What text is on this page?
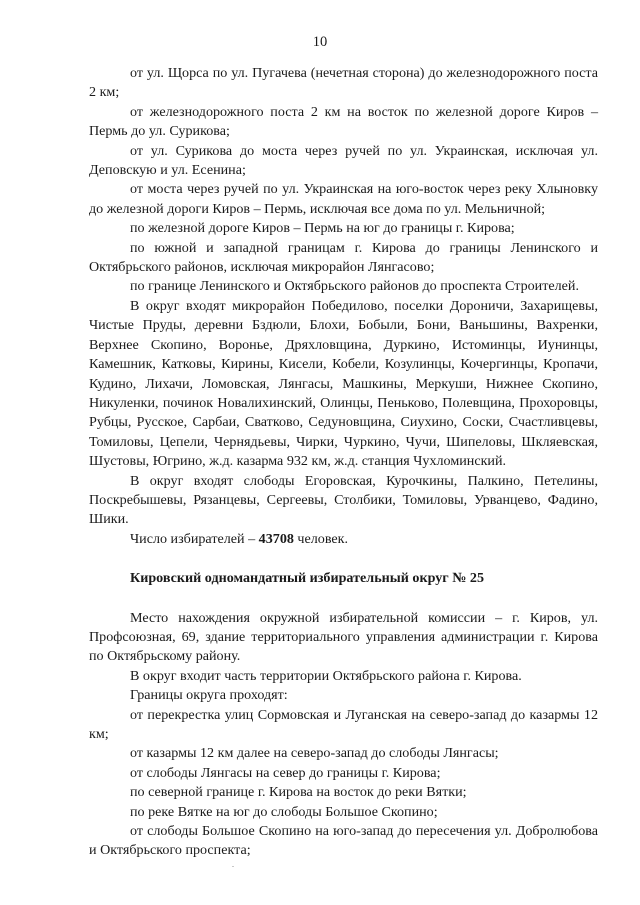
10

от ул. Щорса по ул. Пугачева (нечетная сторона) до железнодорожного поста 2 км;

от железнодорожного поста 2 км на восток по железной дороге Киров – Пермь до ул. Сурикова;

от ул. Сурикова до моста через ручей по ул. Украинская, исключая ул. Деповскую и ул. Есенина;

от моста через ручей по ул. Украинская на юго-восток через реку Хлыновку до железной дороги Киров – Пермь, исключая все дома по ул. Мельничной;

по железной дороге Киров – Пермь на юг до границы г. Кирова;

по южной и западной границам г. Кирова до границы Ленинского и Октябрьского районов, исключая микрорайон Лянгасово;

по границе Ленинского и Октябрьского районов до проспекта Строителей.

В округ входят микрорайон Победилово, поселки Дороничи, Захарищевы, Чистые Пруды, деревни Бздюли, Блохи, Бобыли, Бони, Ваньшины, Вахренки, Верхнее Скопино, Воронье, Дряхловщина, Дуркино, Истоминцы, Иунинцы, Камешник, Катковы, Кирины, Кисели, Кобели, Козулинцы, Кочергинцы, Кропачи, Кудино, Лихачи, Ломовская, Лянгасы, Машкины, Меркуши, Нижнее Скопино, Никуленки, починок Новалихинский, Олинцы, Пеньково, Полевщина, Прохоровцы, Рубцы, Русское, Сарбаи, Сватково, Седуновщина, Сиухино, Соски, Счастливцевы, Томиловы, Цепели, Чернядьевы, Чирки, Чуркино, Чучи, Шипеловы, Шкляевская, Шустовы, Югрино, ж.д. казарма 932 км, ж.д. станция Чухломинский.

В округ входят слободы Егоровская, Курочкины, Палкино, Петелины, Поскребышевы, Рязанцевы, Сергеевы, Столбики, Томиловы, Урванцево, Фадино, Шики.

Число избирателей – 43708 человек.

Кировский одномандатный избирательный округ № 25

Место нахождения окружной избирательной комиссии – г. Киров, ул. Профсоюзная, 69, здание территориального управления администрации г. Кирова по Октябрьскому району.

В округ входит часть территории Октябрьского района г. Кирова.

Границы округа проходят:

от перекрестка улиц Сормовская и Луганская на северо-запад до казармы 12 км;

от казармы 12 км далее на северо-запад до слободы Лянгасы;

от слободы Лянгасы на север до границы г. Кирова;

по северной границе г. Кирова на восток до реки Вятки;

по реке Вятке на юг до слободы Большое Скопино;

от слободы Большое Скопино на юго-запад до пересечения ул. Добролюбова и Октябрьского проспекта;
